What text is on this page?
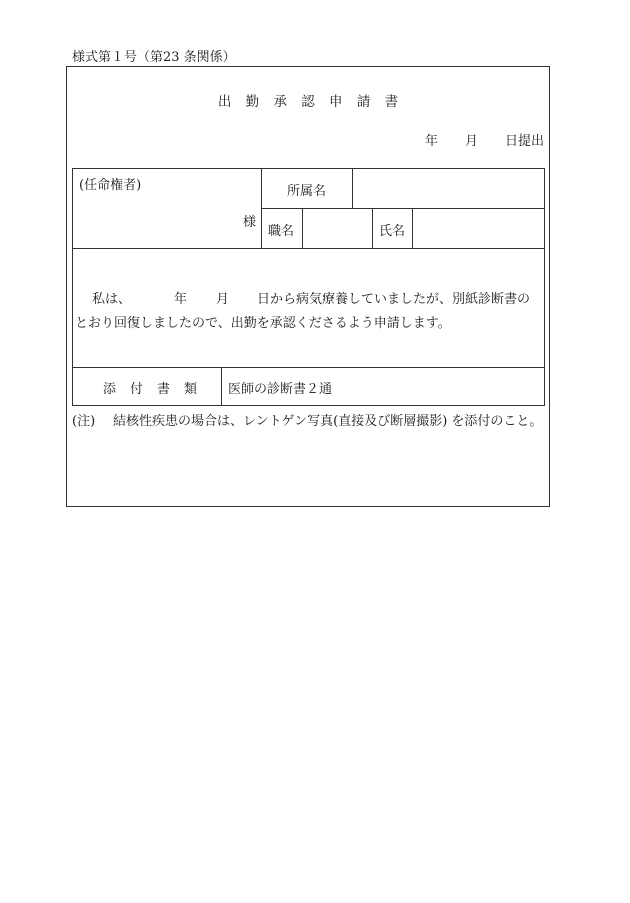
様式第１号（第23 条関係）
出 勤 承 認 申 請 書
年 月 日提出
(任命権者)
様
所属名
職名	氏名
私は、	年 月 日から病気療養していましたが、別紙診断書の
とおり回復しましたので、出勤を承認くださるよう申請します。
添 付 書 類 医師の診断書２通
(注) 結核性疾患の場合は、レントゲン写真(直接及び断層撮影) を添付のこと。
